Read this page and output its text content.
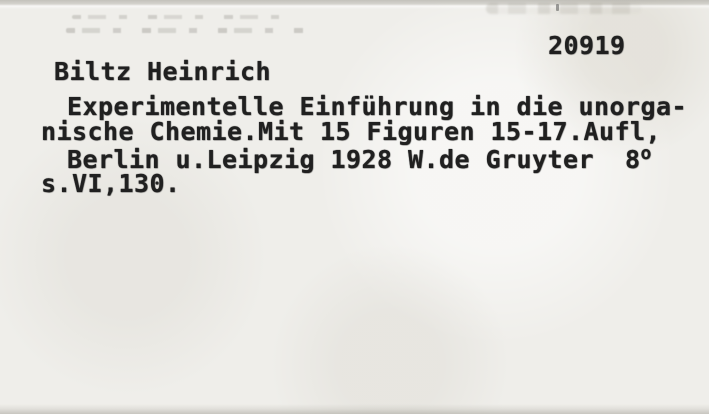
20919
Biltz Heinrich
Experimentelle Einführung in die unorga-
nische Chemie.Mit 15 Figuren 15-17.Aufl,
Berlin u.Leipzig 1928 W.de Gruyter  8o
s.VI,130.
